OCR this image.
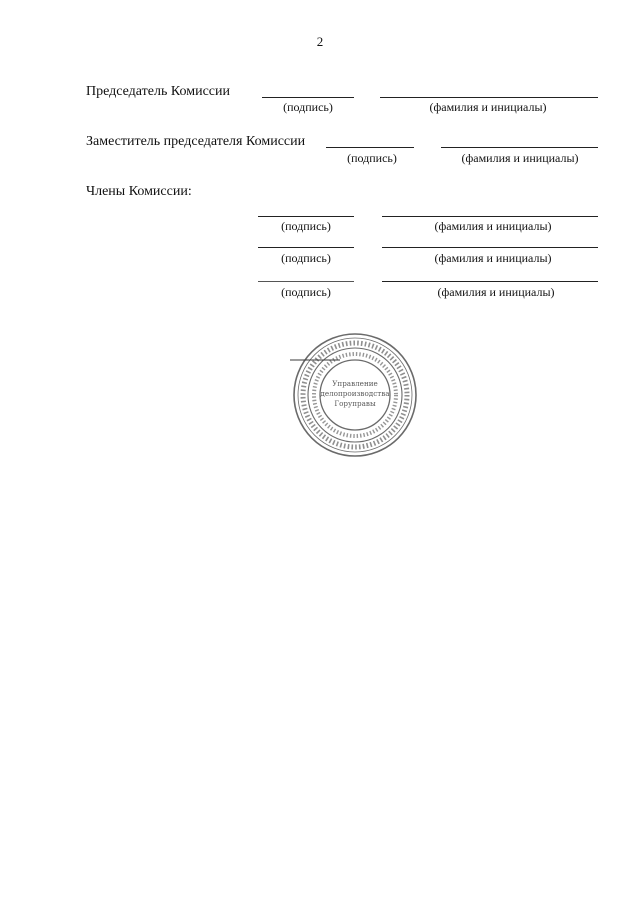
2
Председатель Комиссии
(подпись)	(фамилия и инициалы)
Заместитель председателя Комиссии
(подпись)	(фамилия и инициалы)
Члены Комиссии:
(подпись)	(фамилия и инициалы)
(подпись)	(фамилия и инициалы)
(подпись)	(фамилия и инициалы)
Управление
делопроизводства
Горуправы
